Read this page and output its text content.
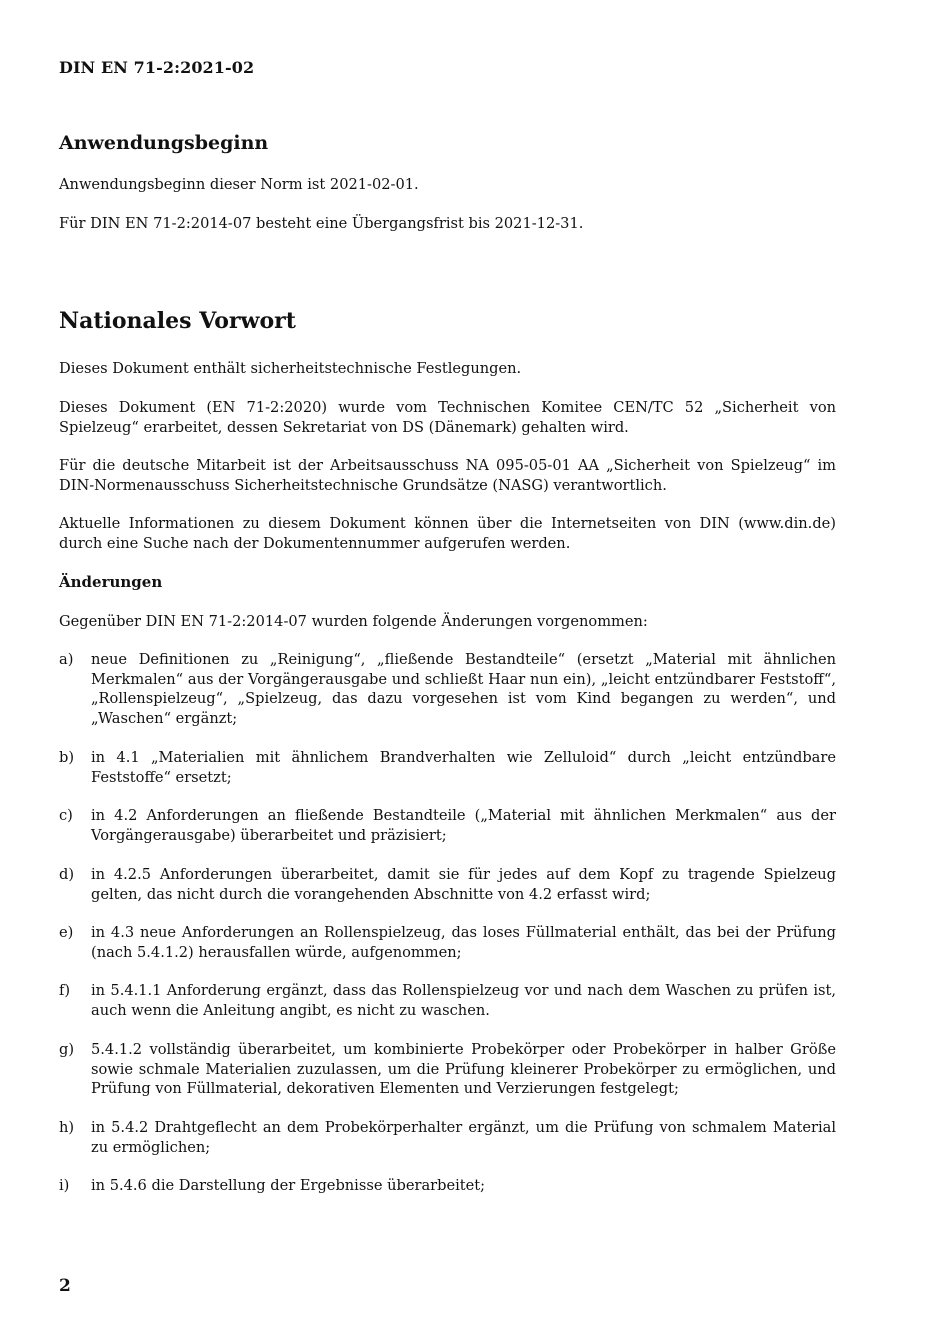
DIN EN 71-2:2021-02
Anwendungsbeginn

Anwendungsbeginn dieser Norm ist 2021-02-01.

Für DIN EN 71-2:2014-07 besteht eine Übergangsfrist bis 2021-12-31.

Nationales Vorwort

Dieses Dokument enthält sicherheitstechnische Festlegungen.

Dieses Dokument (EN 71-2:2020) wurde vom Technischen Komitee CEN/TC 52 „Sicherheit von Spielzeug“ erarbeitet, dessen Sekretariat von DS (Dänemark) gehalten wird.

Für die deutsche Mitarbeit ist der Arbeitsausschuss NA 095-05-01 AA „Sicherheit von Spielzeug“ im DIN-Normenausschuss Sicherheitstechnische Grundsätze (NASG) verantwortlich.

Aktuelle Informationen zu diesem Dokument können über die Internetseiten von DIN (www.din.de) durch eine Suche nach der Dokumentennummer aufgerufen werden.

Änderungen

Gegenüber DIN EN 71-2:2014-07 wurden folgende Änderungen vorgenommen:

a) neue Definitionen zu „Reinigung“, „fließende Bestandteile“ (ersetzt „Material mit ähnlichen Merkmalen“ aus der Vorgängerausgabe und schließt Haar nun ein), „leicht entzündbarer Feststoff“, „Rollenspielzeug“, „Spielzeug, das dazu vorgesehen ist vom Kind begangen zu werden“, und „Waschen“ ergänzt;
b) in 4.1 „Materialien mit ähnlichem Brandverhalten wie Zelluloid“ durch „leicht entzündbare Feststoffe“ ersetzt;
c) in 4.2 Anforderungen an fließende Bestandteile („Material mit ähnlichen Merkmalen“ aus der Vorgängerausgabe) überarbeitet und präzisiert;
d) in 4.2.5 Anforderungen überarbeitet, damit sie für jedes auf dem Kopf zu tragende Spielzeug gelten, das nicht durch die vorangehenden Abschnitte von 4.2 erfasst wird;
e) in 4.3 neue Anforderungen an Rollenspielzeug, das loses Füllmaterial enthält, das bei der Prüfung (nach 5.4.1.2) herausfallen würde, aufgenommen;
f) in 5.4.1.1 Anforderung ergänzt, dass das Rollenspielzeug vor und nach dem Waschen zu prüfen ist, auch wenn die Anleitung angibt, es nicht zu waschen.
g) 5.4.1.2 vollständig überarbeitet, um kombinierte Probekörper oder Probekörper in halber Größe sowie schmale Materialien zuzulassen, um die Prüfung kleinerer Probekörper zu ermöglichen, und Prüfung von Füllmaterial, dekorativen Elementen und Verzierungen festgelegt;
h) in 5.4.2 Drahtgeflecht an dem Probekörperhalter ergänzt, um die Prüfung von schmalem Material zu ermöglichen;
i) in 5.4.6 die Darstellung der Ergebnisse überarbeitet;
2
